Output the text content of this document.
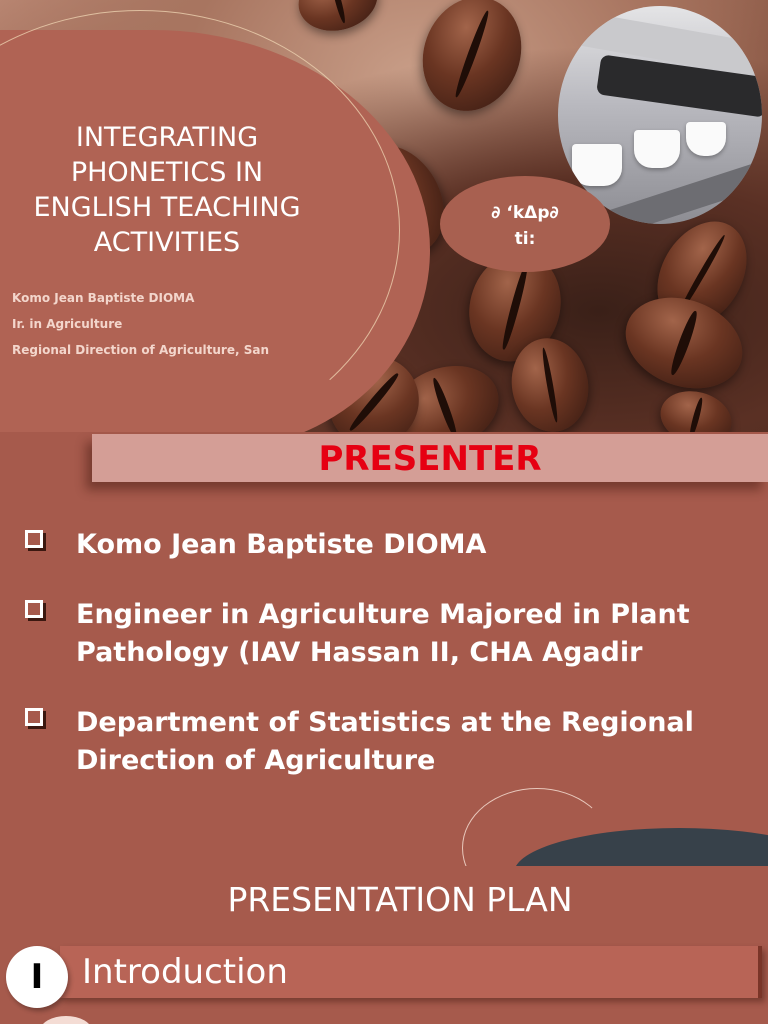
INTEGRATING
PHONETICS IN
ENGLISH TEACHING
ACTIVITIES
Komo Jean Baptiste DIOMA
Ir. in Agriculture
Regional Direction of Agriculture, San
∂ ‘kΔp∂
ti:
PRESENTER
Komo Jean Baptiste DIOMA
Engineer in Agriculture Majored in Plant Pathology (IAV Hassan II, CHA Agadir
Department of Statistics at the Regional Direction of Agriculture
PRESENTATION PLAN
Introduction
I
